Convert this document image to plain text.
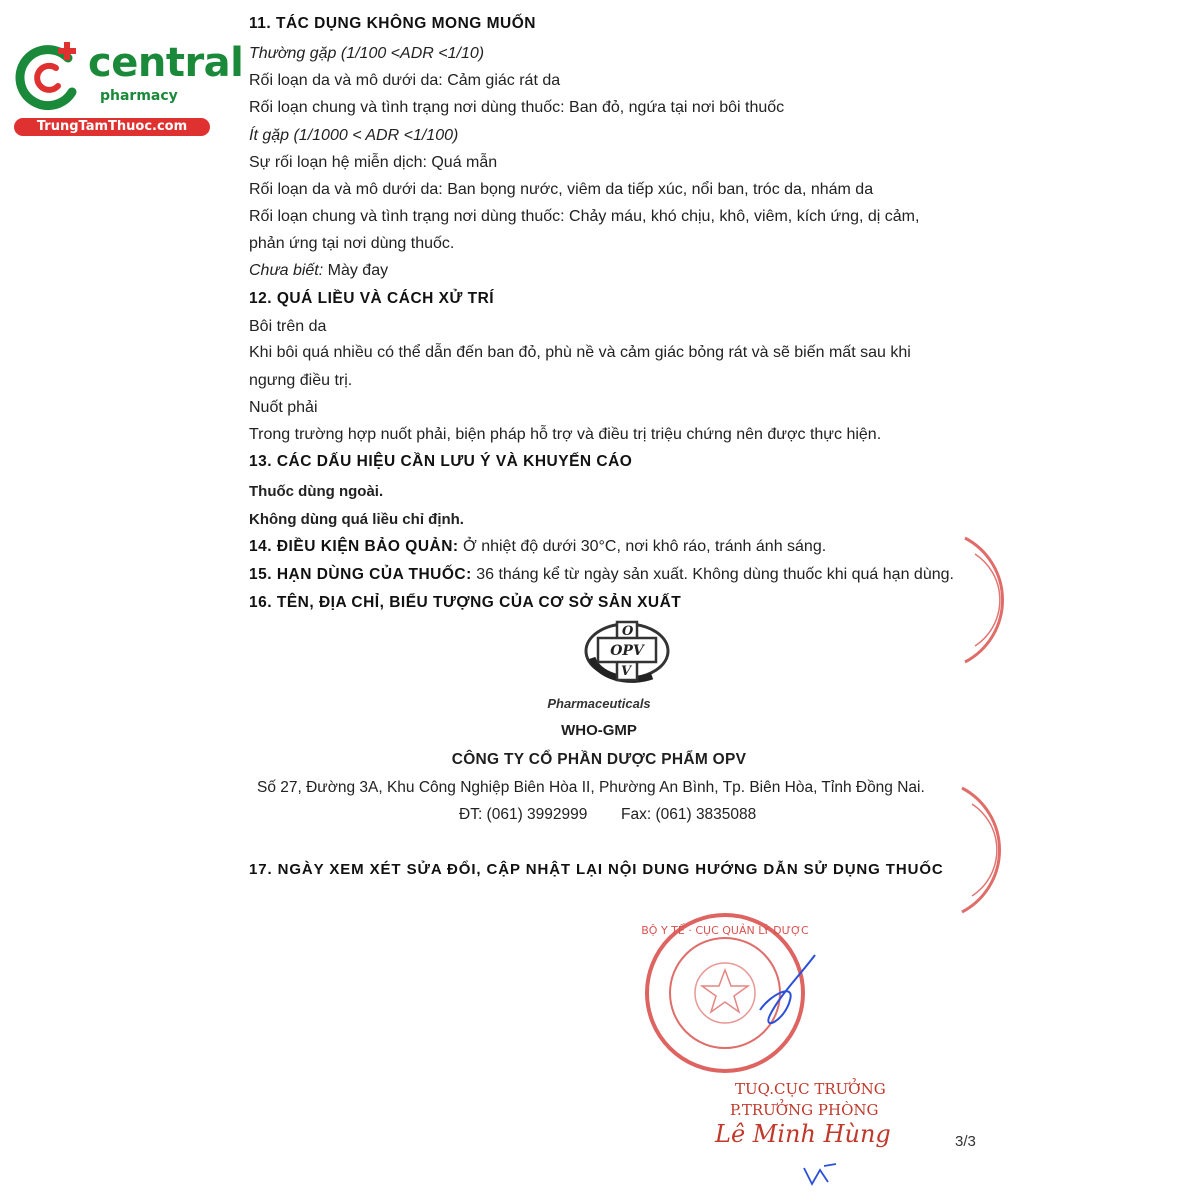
central
pharmacy
TrungTamThuoc.com
11. TÁC DỤNG KHÔNG MONG MUỐN
Thường gặp (1/100 <ADR <1/10)
Rối loạn da và mô dưới da: Cảm giác rát da
Rối loạn chung và tình trạng nơi dùng thuốc: Ban đỏ, ngứa tại nơi bôi thuốc
Ít gặp (1/1000 < ADR <1/100)
Sự rối loạn hệ miễn dịch: Quá mẫn
Rối loạn da và mô dưới da: Ban bọng nước, viêm da tiếp xúc, nổi ban, tróc da, nhám da
Rối loạn chung và tình trạng nơi dùng thuốc: Chảy máu, khó chịu, khô, viêm, kích ứng, dị cảm,
phản ứng tại nơi dùng thuốc.
Chưa biết: Mày đay
12. QUÁ LIỀU VÀ CÁCH XỬ TRÍ
Bôi trên da
Khi bôi quá nhiều có thể dẫn đến ban đỏ, phù nề và cảm giác bỏng rát và sẽ biến mất sau khi
ngưng điều trị.
Nuốt phải
Trong trường hợp nuốt phải, biện pháp hỗ trợ và điều trị triệu chứng nên được thực hiện.
13. CÁC DẤU HIỆU CẦN LƯU Ý VÀ KHUYẾN CÁO
Thuốc dùng ngoài.
Không dùng quá liều chỉ định.
14. ĐIỀU KIỆN BẢO QUẢN: Ở nhiệt độ dưới 30°C, nơi khô ráo, tránh ánh sáng.
15. HẠN DÙNG CỦA THUỐC: 36 tháng kể từ ngày sản xuất. Không dùng thuốc khi quá hạn dùng.
16. TÊN, ĐỊA CHỈ, BIỂU TƯỢNG CỦA CƠ SỞ SẢN XUẤT
O
OPV
V
Pharmaceuticals
WHO-GMP
CÔNG TY CỔ PHẦN DƯỢC PHẨM OPV
Số 27, Đường 3A, Khu Công Nghiệp Biên Hòa II, Phường An Bình, Tp. Biên Hòa, Tỉnh Đồng Nai.
ĐT: (061) 3992999 Fax: (061) 3835088
17. NGÀY XEM XÉT SỬA ĐỔI, CẬP NHẬT LẠI NỘI DUNG HƯỚNG DẪN SỬ DỤNG THUỐC
BỘ Y TẾ · CỤC QUẢN LÝ DƯỢC
TUQ.CỤC TRƯỞNG
P.TRƯỞNG PHÒNG
Lê Minh Hùng	3/3
